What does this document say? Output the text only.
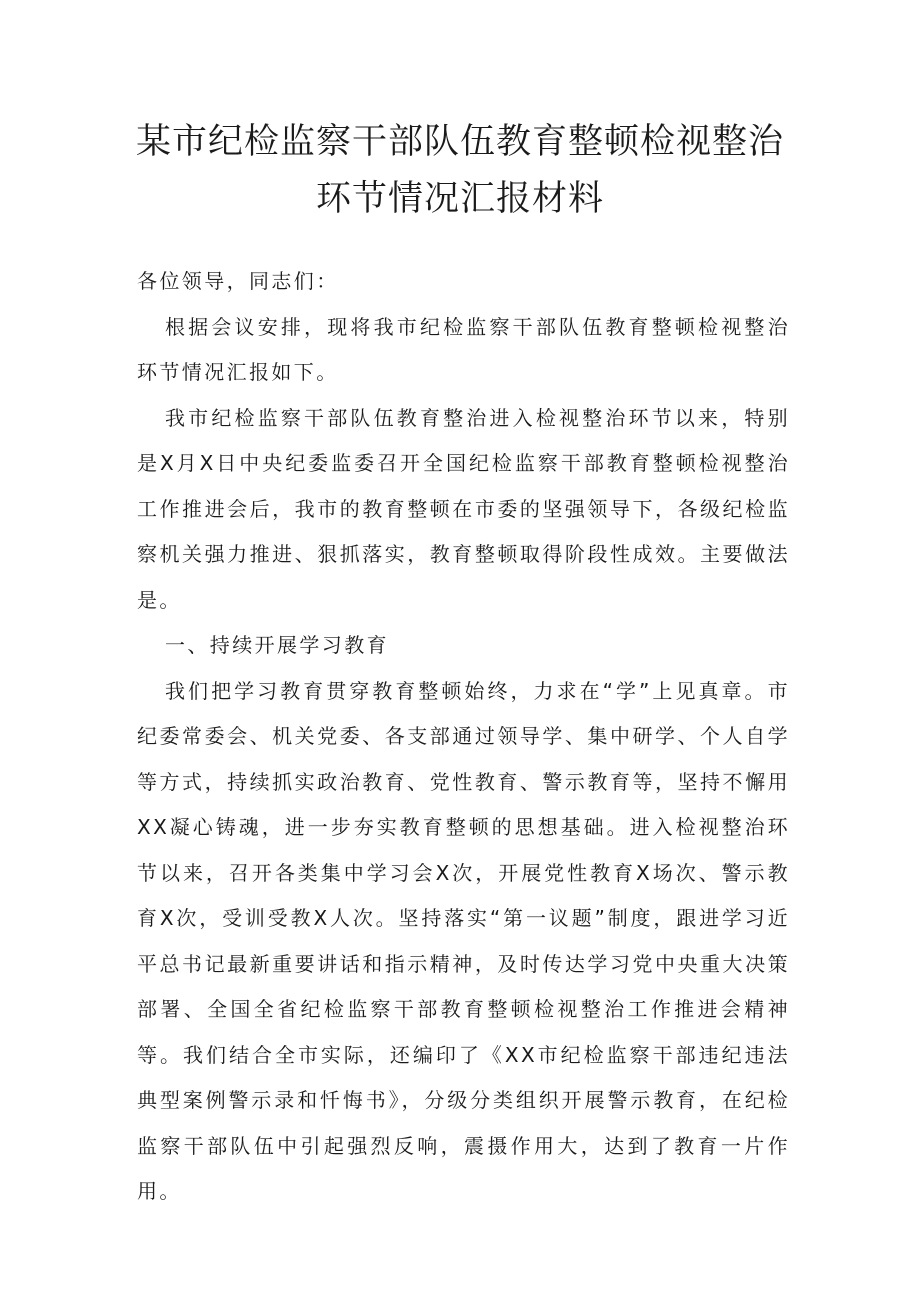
某市纪检监察干部队伍教育整顿检视整治
环节情况汇报材料

各位领导，同志们：

根据会议安排，现将我市纪检监察干部队伍教育整顿检视整治环节情况汇报如下。

我市纪检监察干部队伍教育整治进入检视整治环节以来，特别是X月X日中央纪委监委召开全国纪检监察干部教育整顿检视整治工作推进会后，我市的教育整顿在市委的坚强领导下，各级纪检监察机关强力推进、狠抓落实，教育整顿取得阶段性成效。主要做法是。

一、持续开展学习教育

我们把学习教育贯穿教育整顿始终，力求在“学”上见真章。市纪委常委会、机关党委、各支部通过领导学、集中研学、个人自学等方式，持续抓实政治教育、党性教育、警示教育等，坚持不懈用XX凝心铸魂，进一步夯实教育整顿的思想基础。进入检视整治环节以来，召开各类集中学习会X次，开展党性教育X场次、警示教育X次，受训受教X人次。坚持落实“第一议题”制度，跟进学习近平总书记最新重要讲话和指示精神，及时传达学习党中央重大决策部署、全国全省纪检监察干部教育整顿检视整治工作推进会精神等。我们结合全市实际，还编印了《XX市纪检监察干部违纪违法典型案例警示录和忏悔书》，分级分类组织开展警示教育，在纪检监察干部队伍中引起强烈反响，震摄作用大，达到了教育一片作用。
